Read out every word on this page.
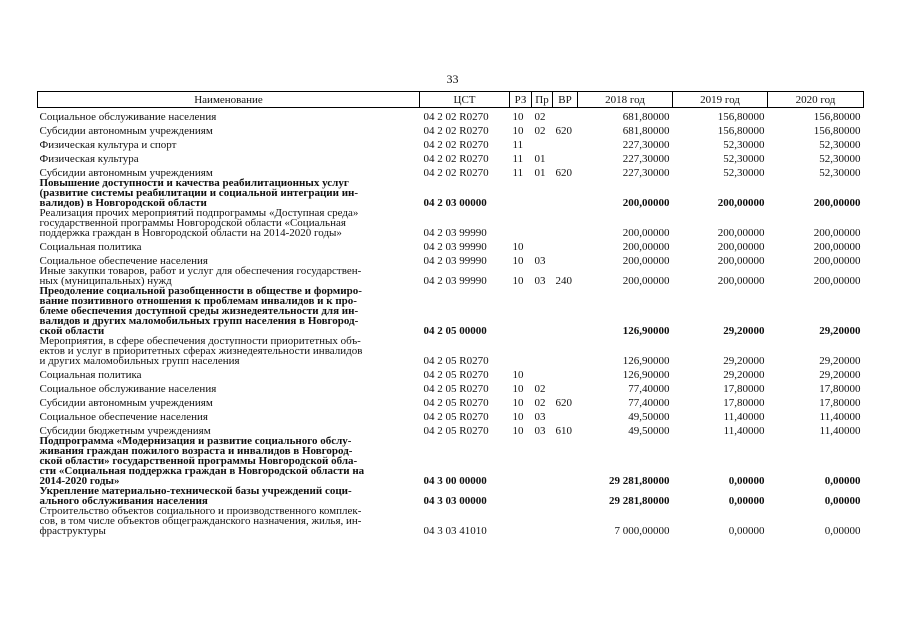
33
Наименование	ЦСТ	РЗ	Пр	ВР	2018 год	2019 год	2020 год

Социальное обслуживание населения	04 2 02 R0270	10	02		681,80000	156,80000	156,80000

Субсидии автономным учреждениям	04 2 02 R0270	10	02	620	681,80000	156,80000	156,80000

Физическая культура и спорт	04 2 02 R0270	11			227,30000	52,30000	52,30000

Физическая культура	04 2 02 R0270	11	01		227,30000	52,30000	52,30000

Субсидии автономным учреждениям	04 2 02 R0270	11	01	620	227,30000	52,30000	52,30000

Повышение доступности и качества реабилитационных услуг
(развитие системы реабилитации и социальной интеграции ин-
валидов) в Новгородской области	04 2 03 00000				200,00000	200,00000	200,00000

Реализация прочих мероприятий подпрограммы «Доступная среда»
государственной программы Новгородской области «Социальная
поддержка граждан в Новгородской области на 2014-2020 годы»	04 2 03 99990				200,00000	200,00000	200,00000

Социальная политика	04 2 03 99990	10			200,00000	200,00000	200,00000

Социальное обеспечение населения	04 2 03 99990	10	03		200,00000	200,00000	200,00000

Иные закупки товаров, работ и услуг для обеспечения государствен-
ных (муниципальных) нужд	04 2 03 99990	10	03	240	200,00000	200,00000	200,00000

Преодоление социальной разобщенности в обществе и формиро-
вание позитивного отношения к проблемам инвалидов и к про-
блеме обеспечения доступной среды жизнедеятельности для ин-
валидов и других маломобильных групп населения в Новгород-
ской области	04 2 05 00000				126,90000	29,20000	29,20000

Мероприятия, в сфере обеспечения доступности приоритетных объ-
ектов и услуг в приоритетных сферах жизнедеятельности инвалидов
и других маломобильных групп населения	04 2 05 R0270				126,90000	29,20000	29,20000

Социальная политика	04 2 05 R0270	10			126,90000	29,20000	29,20000

Социальное обслуживание населения	04 2 05 R0270	10	02		77,40000	17,80000	17,80000

Субсидии автономным учреждениям	04 2 05 R0270	10	02	620	77,40000	17,80000	17,80000

Социальное обеспечение населения	04 2 05 R0270	10	03		49,50000	11,40000	11,40000

Субсидии бюджетным учреждениям	04 2 05 R0270	10	03	610	49,50000	11,40000	11,40000

Подпрограмма «Модернизация и развитие социального обслу-
живания граждан пожилого возраста и инвалидов в Новгород-
ской области» государственной программы Новгородской обла-
сти «Социальная поддержка граждан в Новгородской области на
2014-2020 годы»	04 3 00 00000				29 281,80000	0,00000	0,00000

Укрепление материально-технической базы учреждений соци-
ального обслуживания населения	04 3 03 00000				29 281,80000	0,00000	0,00000

Строительство объектов социального и производственного комплек-
сов, в том числе объектов общегражданского назначения, жилья, ин-
фраструктуры	04 3 03 41010				7 000,00000	0,00000	0,00000
